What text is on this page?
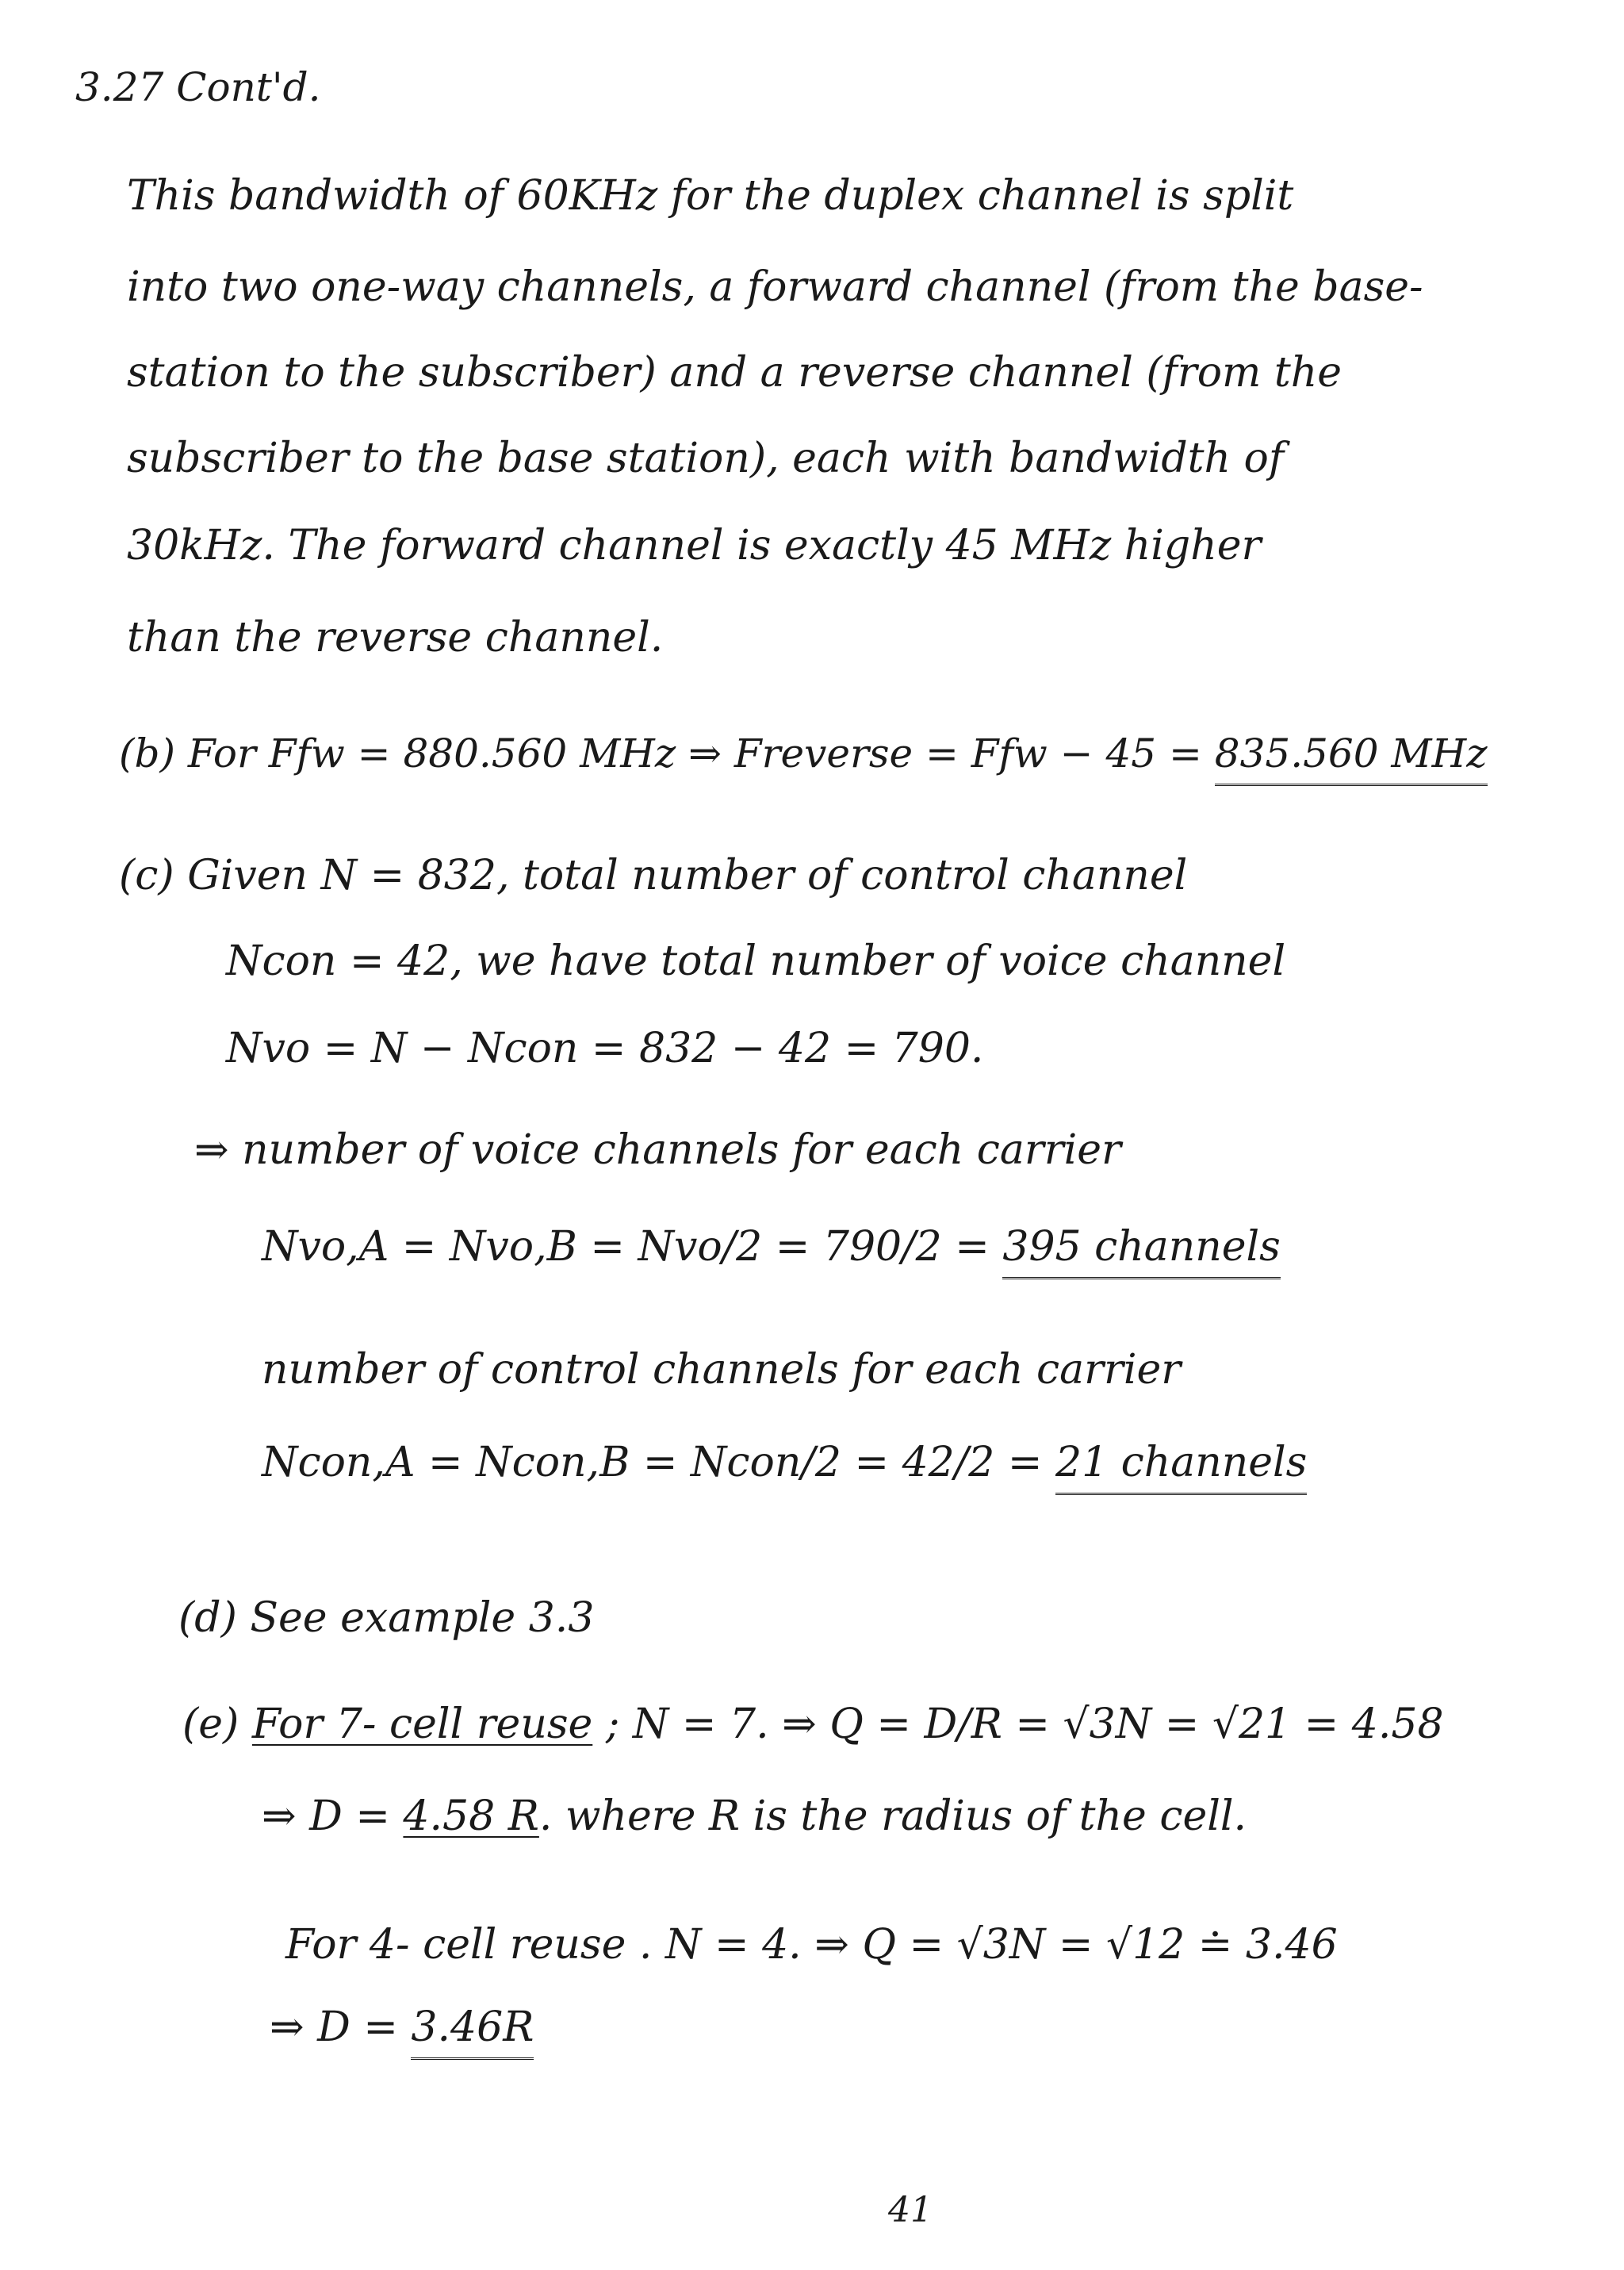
3.27 Cont'd.
This bandwidth of 60KHz for the duplex channel is split
into two one-way channels, a forward channel (from the base-
station to the subscriber) and a reverse channel (from the
subscriber to the base station), each with bandwidth of
30kHz. The forward channel is exactly 45 MHz higher
than the reverse channel.
(b) For Ffw = 880.560 MHz ⇒ Freverse = Ffw − 45 = 835.560 MHz
(c) Given N = 832, total number of control channel
Ncon = 42, we have total number of voice channel
Nvo = N − Ncon = 832 − 42 = 790.
⇒ number of voice channels for each carrier
Nvo,A = Nvo,B = Nvo/2 = 790/2 = 395 channels
number of control channels for each carrier
Ncon,A = Ncon,B = Ncon/2 = 42/2 = 21 channels
(d) See example 3.3
(e) For 7- cell reuse ; N = 7. ⇒ Q = D/R = √3N = √21 = 4.58
⇒ D = 4.58 R. where R is the radius of the cell.
For 4- cell reuse . N = 4. ⇒ Q = √3N = √12 ≐ 3.46
⇒ D = 3.46R
41
